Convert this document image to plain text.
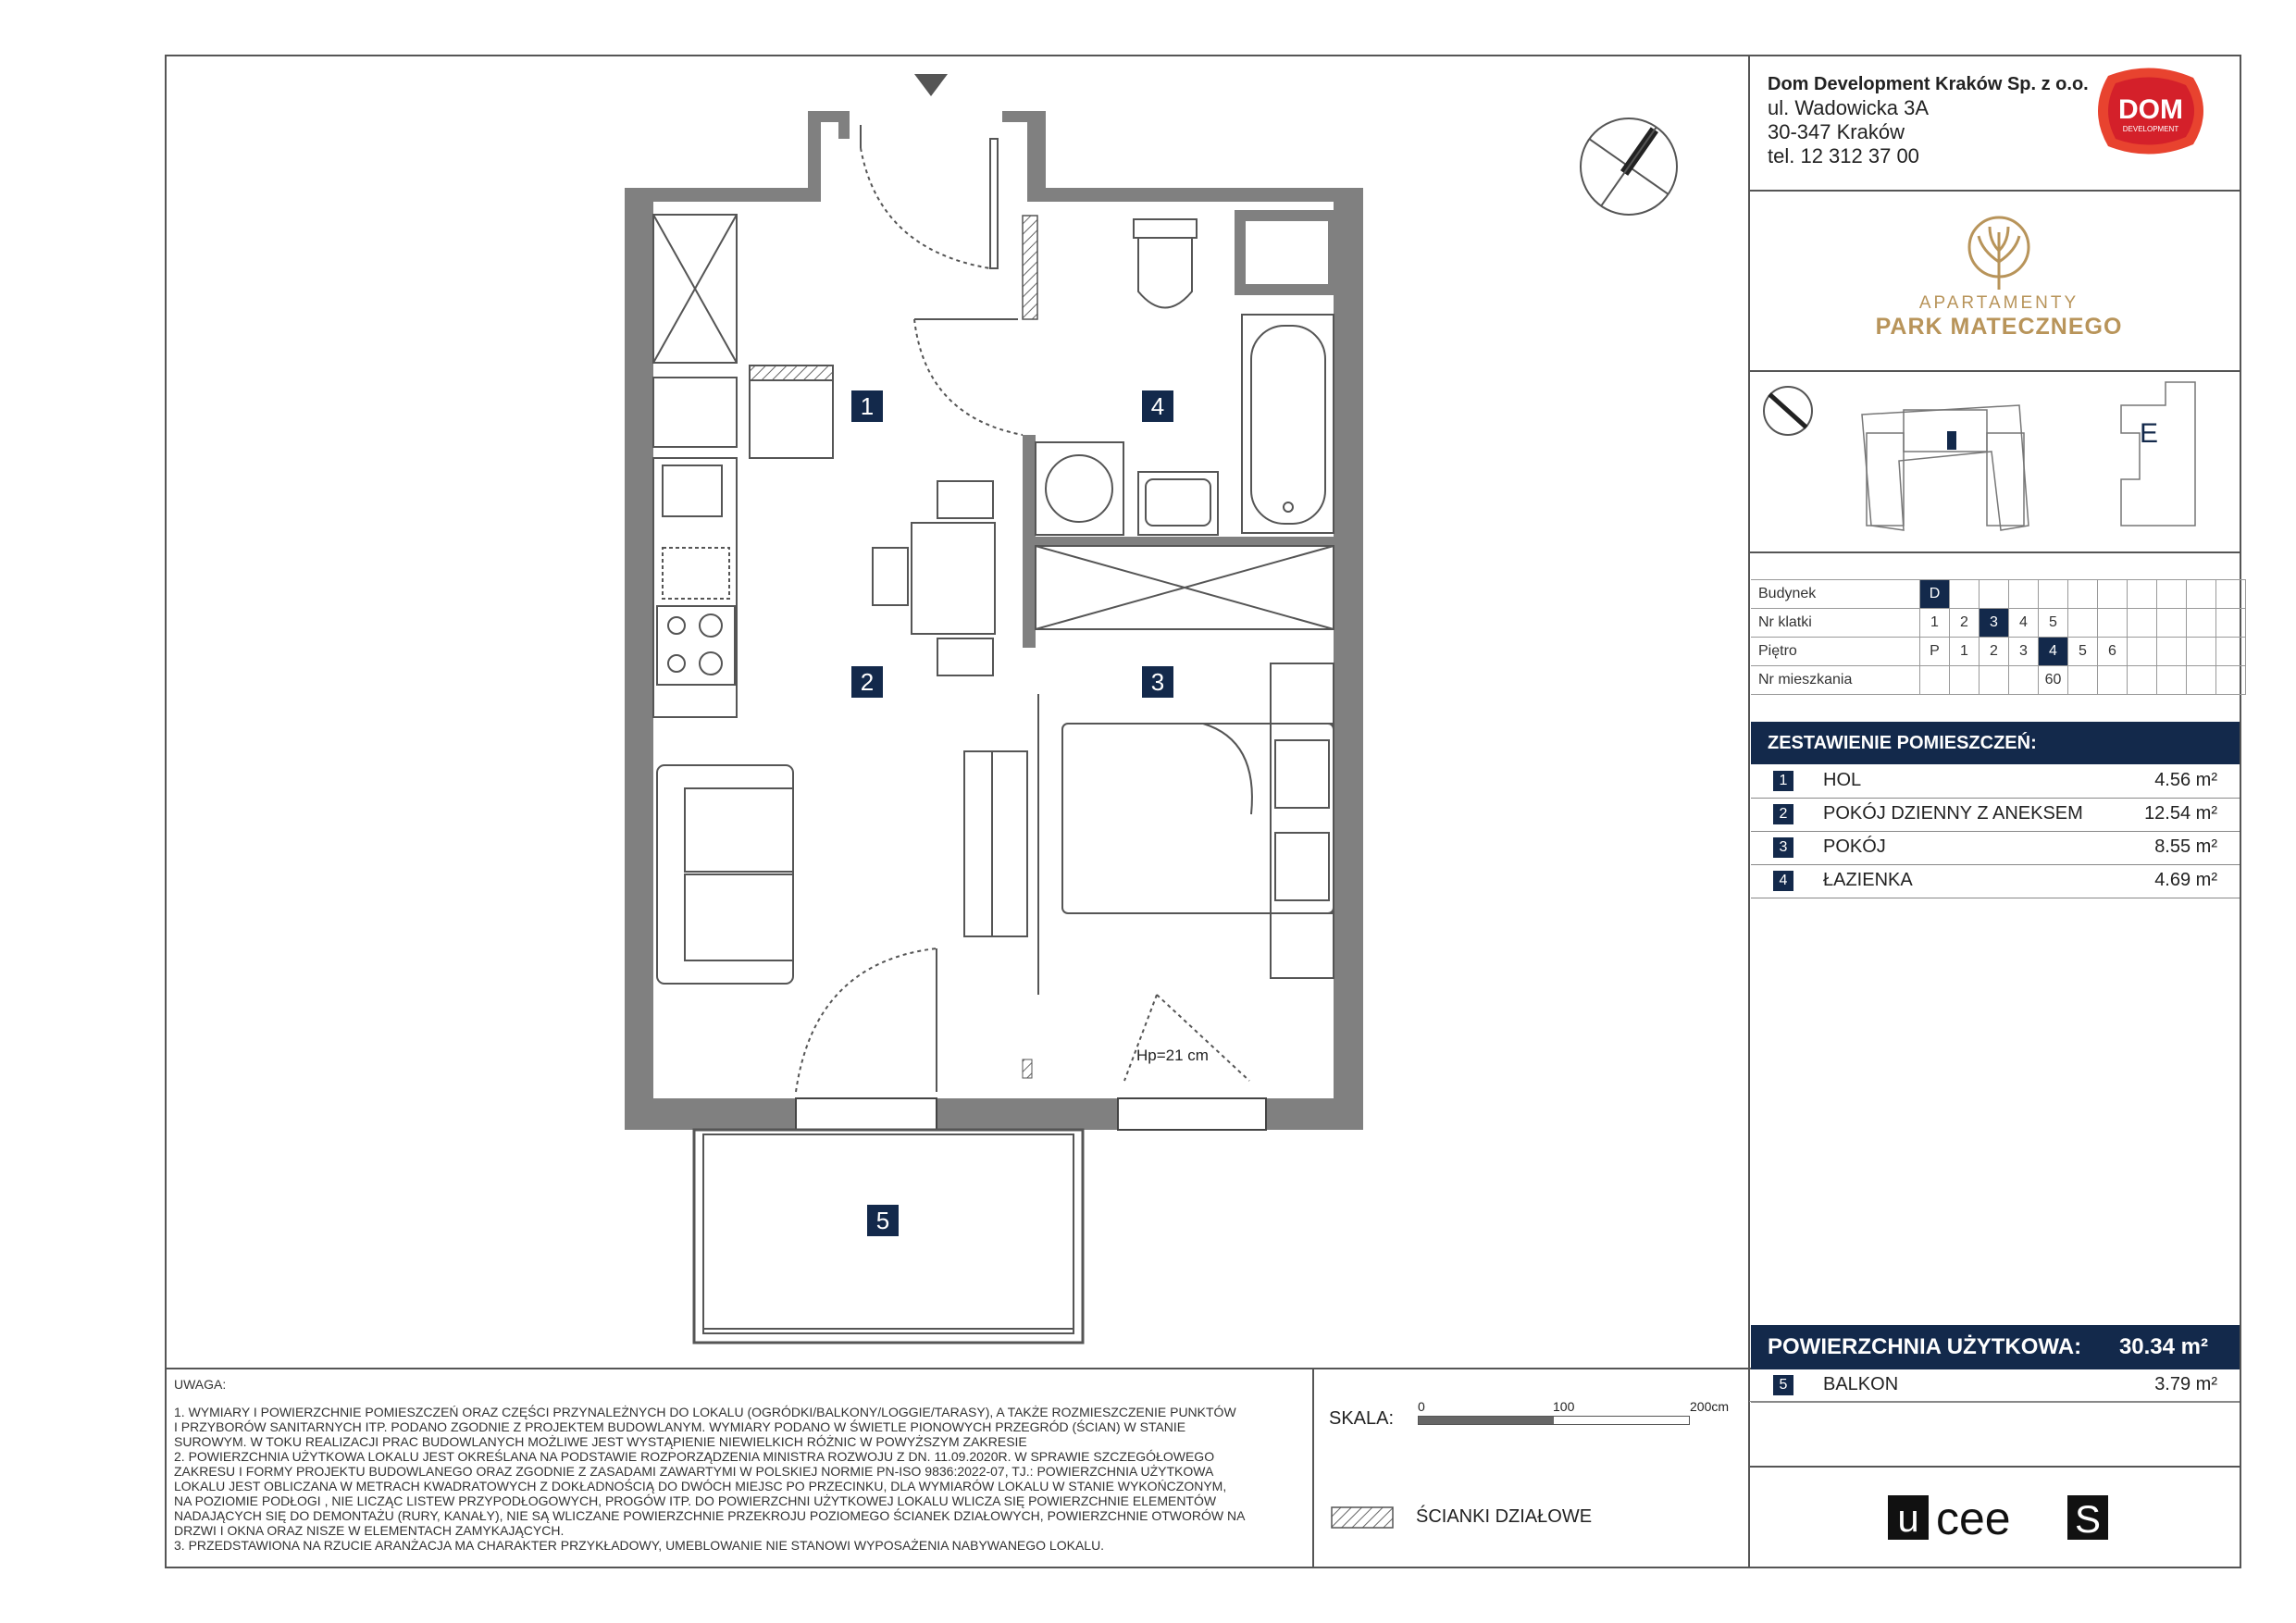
1	4
2	3
5
Hp=21 cm
Dom Development Kraków Sp. z o.o.
ul. Wadowicka 3A
30-347 Kraków
tel. 12 312 37 00
DOM
DEVELOPMENT
APARTAMENTY
PARK MATECZNEGO
E
Budynek	D										
Nr klatki	1	2	3	4	5						
Piętro	P	1	2	3	4	5	6				
Nr mieszkania					60						
ZESTAWIENIE POMIESZCZEŃ:
1	HOL	4.56 m²
2	POKÓJ DZIENNY Z ANEKSEM	12.54 m²
3	POKÓJ	8.55 m²
4	ŁAZIENKA	4.69 m²
POWIERZCHNIA UŻYTKOWA: 30.34 m²
5	BALKON	3.79 m²
UWAGA:
1. WYMIARY I POWIERZCHNIE POMIESZCZEŃ ORAZ CZĘŚCI PRZYNALEŻNYCH DO LOKALU (OGRÓDKI/BALKONY/LOGGIE/TARASY), A TAKŻE ROZMIESZCZENIE PUNKTÓW
I PRZYBORÓW SANITARNYCH ITP. PODANO ZGODNIE Z PROJEKTEM BUDOWLANYM. WYMIARY PODANO W ŚWIETLE PIONOWYCH PRZEGRÓD (ŚCIAN) W STANIE
SUROWYM. W TOKU REALIZACJI PRAC BUDOWLANYCH MOŻLIWE JEST WYSTĄPIENIE NIEWIELKICH RÓŻNIC W POWYŻSZYM ZAKRESIE
2. POWIERZCHNIA UŻYTKOWA LOKALU JEST OKREŚLANA NA PODSTAWIE ROZPORZĄDZENIA MINISTRA ROZWOJU Z DN. 11.09.2020R. W SPRAWIE SZCZEGÓŁOWEGO
ZAKRESU I FORMY PROJEKTU BUDOWLANEGO ORAZ ZGODNIE Z ZASADAMI ZAWARTYMI W POLSKIEJ NORMIE PN-ISO 9836:2022-07, TJ.: POWIERZCHNIA UŻYTKOWA
LOKALU JEST OBLICZANA W METRACH KWADRATOWYCH Z DOKŁADNOŚCIĄ DO DWÓCH MIEJSC PO PRZECINKU, DLA WYMIARÓW LOKALU W STANIE WYKOŃCZONYM,
NA POZIOMIE PODŁOGI , NIE LICZĄC LISTEW PRZYPODŁOGOWYCH, PROGÓW ITP. DO POWIERZCHNI UŻYTKOWEJ LOKALU WLICZA SIĘ POWIERZCHNIE ELEMENTÓW
NADAJĄCYCH SIĘ DO DEMONTAŻU (RURY, KANAŁY), NIE SĄ WLICZANE POWIERZCHNIE PRZEKROJU POZIOMEGO ŚCIANEK DZIAŁOWYCH, POWIERZCHNIE OTWORÓW NA
DRZWI I OKNA ORAZ NISZE W ELEMENTACH ZAMYKAJĄCYCH.
3. PRZEDSTAWIONA NA RZUCIE ARANŻACJA MA CHARAKTER PRZYKŁADOWY, UMEBLOWANIE NIE STANOWI WYPOSAŻENIA NABYWANEGO LOKALU.
SKALA:
0	100	200cm
ŚCIANKI DZIAŁOWE	u cee S
